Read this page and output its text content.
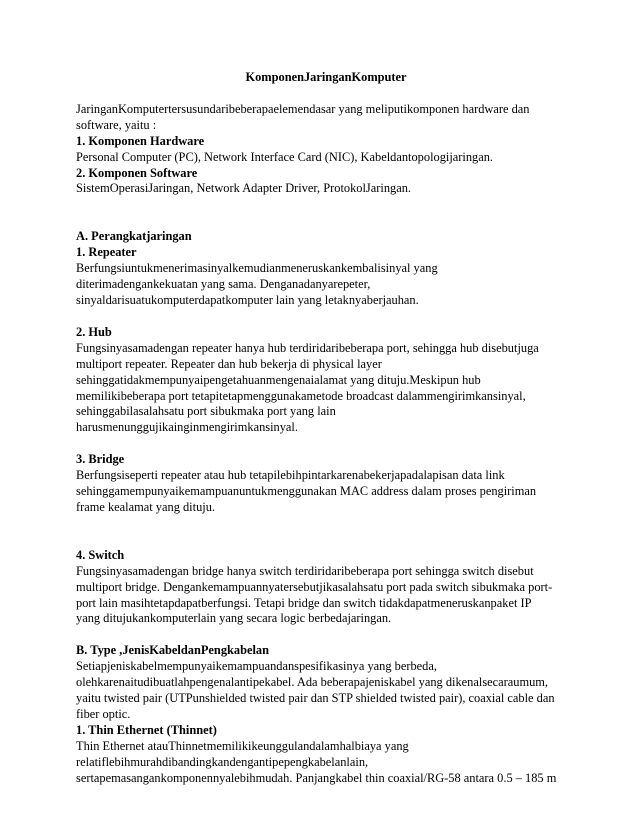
KomponenJaringanKomputer

JaringanKomputertersusundaribeberapaelemendasar yang meliputikomponen hardware dan
software, yaitu :

1. Komponen Hardware

Personal Computer (PC), Network Interface Card (NIC), Kabeldantopologijaringan.

2. Komponen Software

SistemOperasiJaringan, Network Adapter Driver, ProtokolJaringan.

A. Perangkatjaringan

1. Repeater

Berfungsiuntukmenerimasinyalkemudianmeneruskankembalisinyal yang
diterimadengankekuatan yang sama. Denganadanyarepeter,
sinyaldarisuatukomputerdapatkomputer lain yang letaknyaberjauhan.

2. Hub

Fungsinyasamadengan repeater hanya hub terdiridaribeberapa port, sehingga hub disebutjuga
multiport repeater. Repeater dan hub bekerja di physical layer
sehinggatidakmempunyaipengetahuanmengenaialamat yang dituju.Meskipun hub
memilikibeberapa port tetapitetapmenggunakametode broadcast dalammengirimkansinyal,
sehinggabilasalahsatu port sibukmaka port yang lain
harusmenunggujikainginmengirimkansinyal.

3. Bridge

Berfungsiseperti repeater atau hub tetapilebihpintarkarenabekerjapadalapisan data link
sehinggamempunyaikemampuanuntukmenggunakan MAC address dalam proses pengiriman
frame kealamat yang dituju.

4. Switch

Fungsinyasamadengan bridge hanya switch terdiridaribeberapa port sehingga switch disebut
multiport bridge. Dengankemampuannyatersebutjikasalahsatu port pada switch sibukmaka port-
port lain masihtetapdapatberfungsi. Tetapi bridge dan switch tidakdapatmeneruskanpaket IP
yang ditujukankomputerlain yang secara logic berbedajaringan.

B. Type ,JenisKabeldanPengkabelan

Setiapjeniskabelmempunyaikemampuandanspesifikasinya yang berbeda,
olehkarenaitudibuatlahpengenalantipekabel. Ada beberapajeniskabel yang dikenalsecaraumum,
yaitu twisted pair (UTPunshielded twisted pair dan STP shielded twisted pair), coaxial cable dan
fiber optic.

1. Thin Ethernet (Thinnet)

Thin Ethernet atauThinnetmemilikikeunggulandalamhalbiaya yang
relatiflebihmurahdibandingkandengantipepengkabelanlain,
sertapemasangankomponennyalebihmudah. Panjangkabel thin coaxial/RG-58 antara 0.5 – 185 m
